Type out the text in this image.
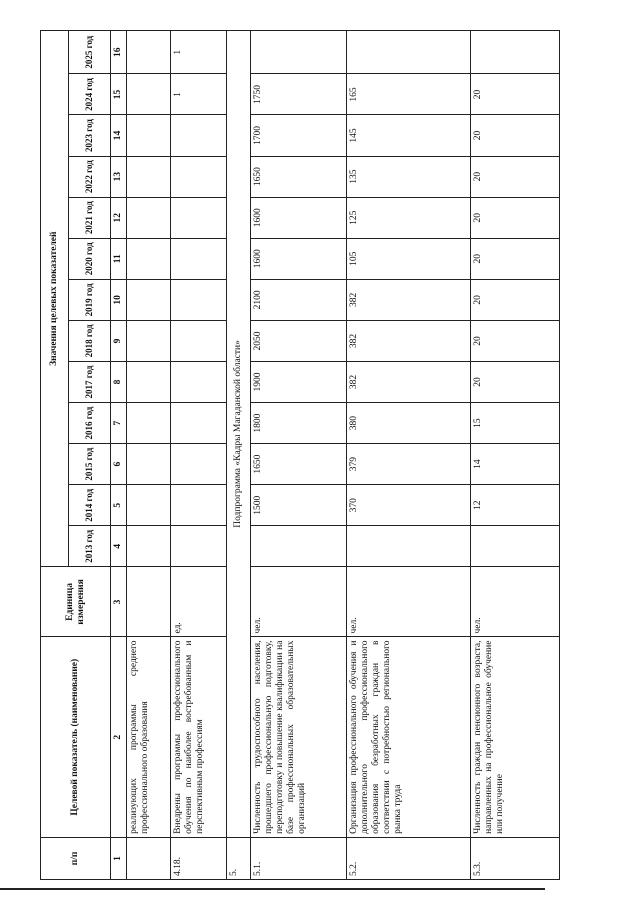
п/п	Целевой показатель (наименование)	Единица измерения	Значения целевых показателей												
			2013 год	2014 год	2015 год	2016 год	2017 год	2018 год	2019 год	2020 год	2021 год	2022 год	2023 год	2024 год	2025 год
1	2	3	4	5	6	7	8	9	10	11	12	13	14	15	16
	реализующих программы среднего профессионального образования														
4.18.	Внедрены программы профессионального обучения по наиболее востребованным и перспективным профессиям	ед.												1	1
5.	Подпрограмма «Кадры Магаданской области»														
5.1.	Численность трудоспособного населения, прошедшего профессиональную подготовку, переподготовку и повышение квалификации на базе профессиональных образовательных организаций	чел.		1500	1650	1800	1900	2050	2100	1600	1600	1650	1700	1750	
5.2.	Организация профессионального обучения и дополнительного профессионального образования безработных граждан в соответствии с потребностью регионального рынка труда	чел.		370	379	380	382	382	382	105	125	135	145	165	
5.3.	Численность граждан пенсионного возраста, направленных на профессиональное обучение или получение	чел.		12	14	15	20	20	20	20	20	20	20	20	
